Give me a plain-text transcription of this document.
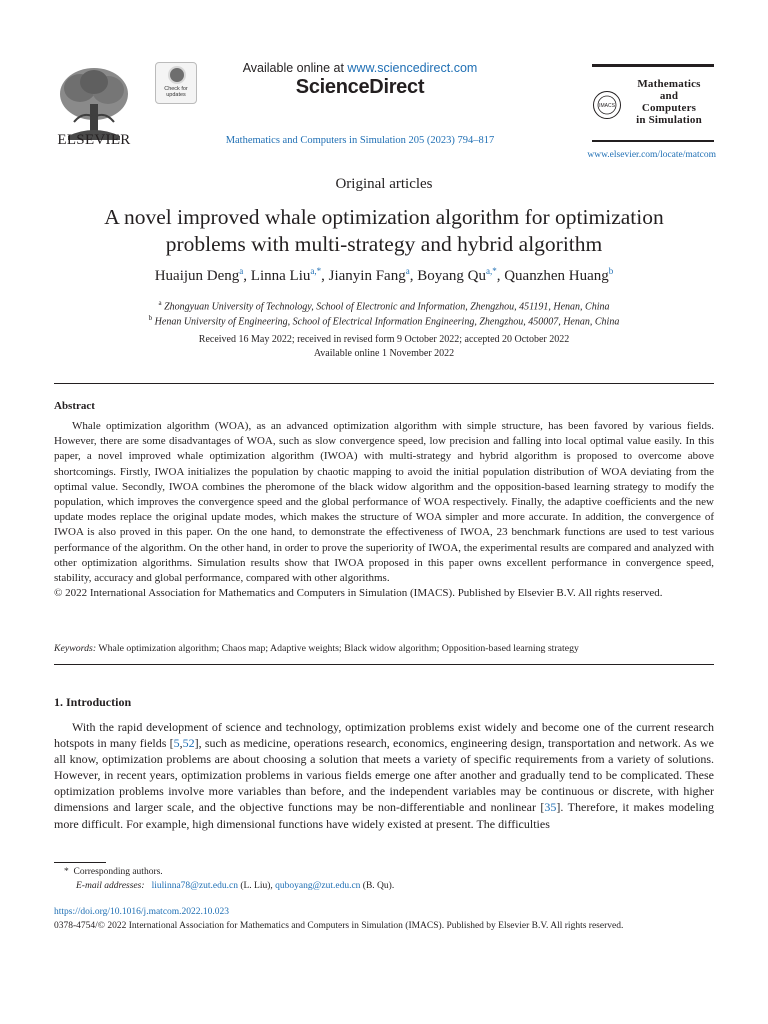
ELSEVIER
Check for updates
Available online at www.sciencedirect.com
ScienceDirect
Mathematics and Computers in Simulation 205 (2023) 794–817
IMACS
Mathematics
and
Computers
in Simulation
www.elsevier.com/locate/matcom
Original articles
A novel improved whale optimization algorithm for optimization
problems with multi-strategy and hybrid algorithm
Huaijun Deng$^a$, Linna Liu$^{a,*}$, Jianyin Fang$^a$, Boyang $Qu^{a,*}$, Quanzhen Huang$^b$
$^a$ Zhongyuan University of Technology, School of Electronic and Information, Zhengzhou, 451191, Henan, China
$^b$ Henan University of Engineering, School of Electrical Information Engineering, Zhengzhou, 450007, Henan, China
Received 16 May 2022; received in revised form 9 October 2022; accepted 20 October 2022
Available online 1 November 2022
Abstract
Whale optimization algorithm (WOA), as an advanced optimization algorithm with simple structure, has been favored by various fields. However, there are some disadvantages of WOA, such as slow convergence speed, low precision and falling into local optimal value easily. In this paper, a novel improved whale optimization algorithm (IWOA) with multi-strategy and hybrid algorithm is proposed to overcome above shortcomings. Firstly, IWOA initializes the population by chaotic mapping to avoid the initial population distribution of WOA deviating from the optimal value. Secondly, IWOA combines the pheromone of the black widow algorithm and the opposition-based learning strategy to modify the population, which improves the convergence speed and the global performance of WOA respectively. Finally, the adaptive coefficients and the new update modes replace the original update modes, which makes the structure of WOA simpler and more accurate. In addition, the convergence of IWOA is also proved in this paper. On the one hand, to demonstrate the effectiveness of IWOA, 23 benchmark functions are used to test various performance of the algorithm. On the other hand, in order to prove the superiority of IWOA, the experimental results are compared and analyzed with other optimization algorithms. Simulation results show that IWOA proposed in this paper owns excellent performance in convergence speed, stability, accuracy and global performance, compared with other algorithms.
© 2022 International Association for Mathematics and Computers in Simulation (IMACS). Published by Elsevier B.V. All rights reserved.
Keywords: Whale optimization algorithm; Chaos map; Adaptive weights; Black widow algorithm; Opposition-based learning strategy
1. Introduction
With the rapid development of science and technology, optimization problems exist widely and become one of the current research hotspots in many fields [5,52], such as medicine, operations research, economics, engineering design, transportation and network. As we all know, optimization problems are about choosing a solution that meets a variety of specific requirements from a variety of solutions. However, in recent years, optimization problems in various fields emerge one after another and gradually tend to be complicated. These optimization problems involve more variables than before, and the independent variables may be continuous or discrete, with higher dimensions and larger scale, and the objective functions may be non-differentiable and nonlinear [35]. Therefore, it makes modeling more difficult. For example, high dimensional functions have widely existed at present. The difficulties
* Corresponding authors.
E-mail addresses: liulinna78@zut.edu.cn (L. Liu), quboyang@zut.edu.cn (B. Qu).
https://doi.org/10.1016/j.matcom.2022.10.023
0378-4754/© 2022 International Association for Mathematics and Computers in Simulation (IMACS). Published by Elsevier B.V. All rights reserved.
